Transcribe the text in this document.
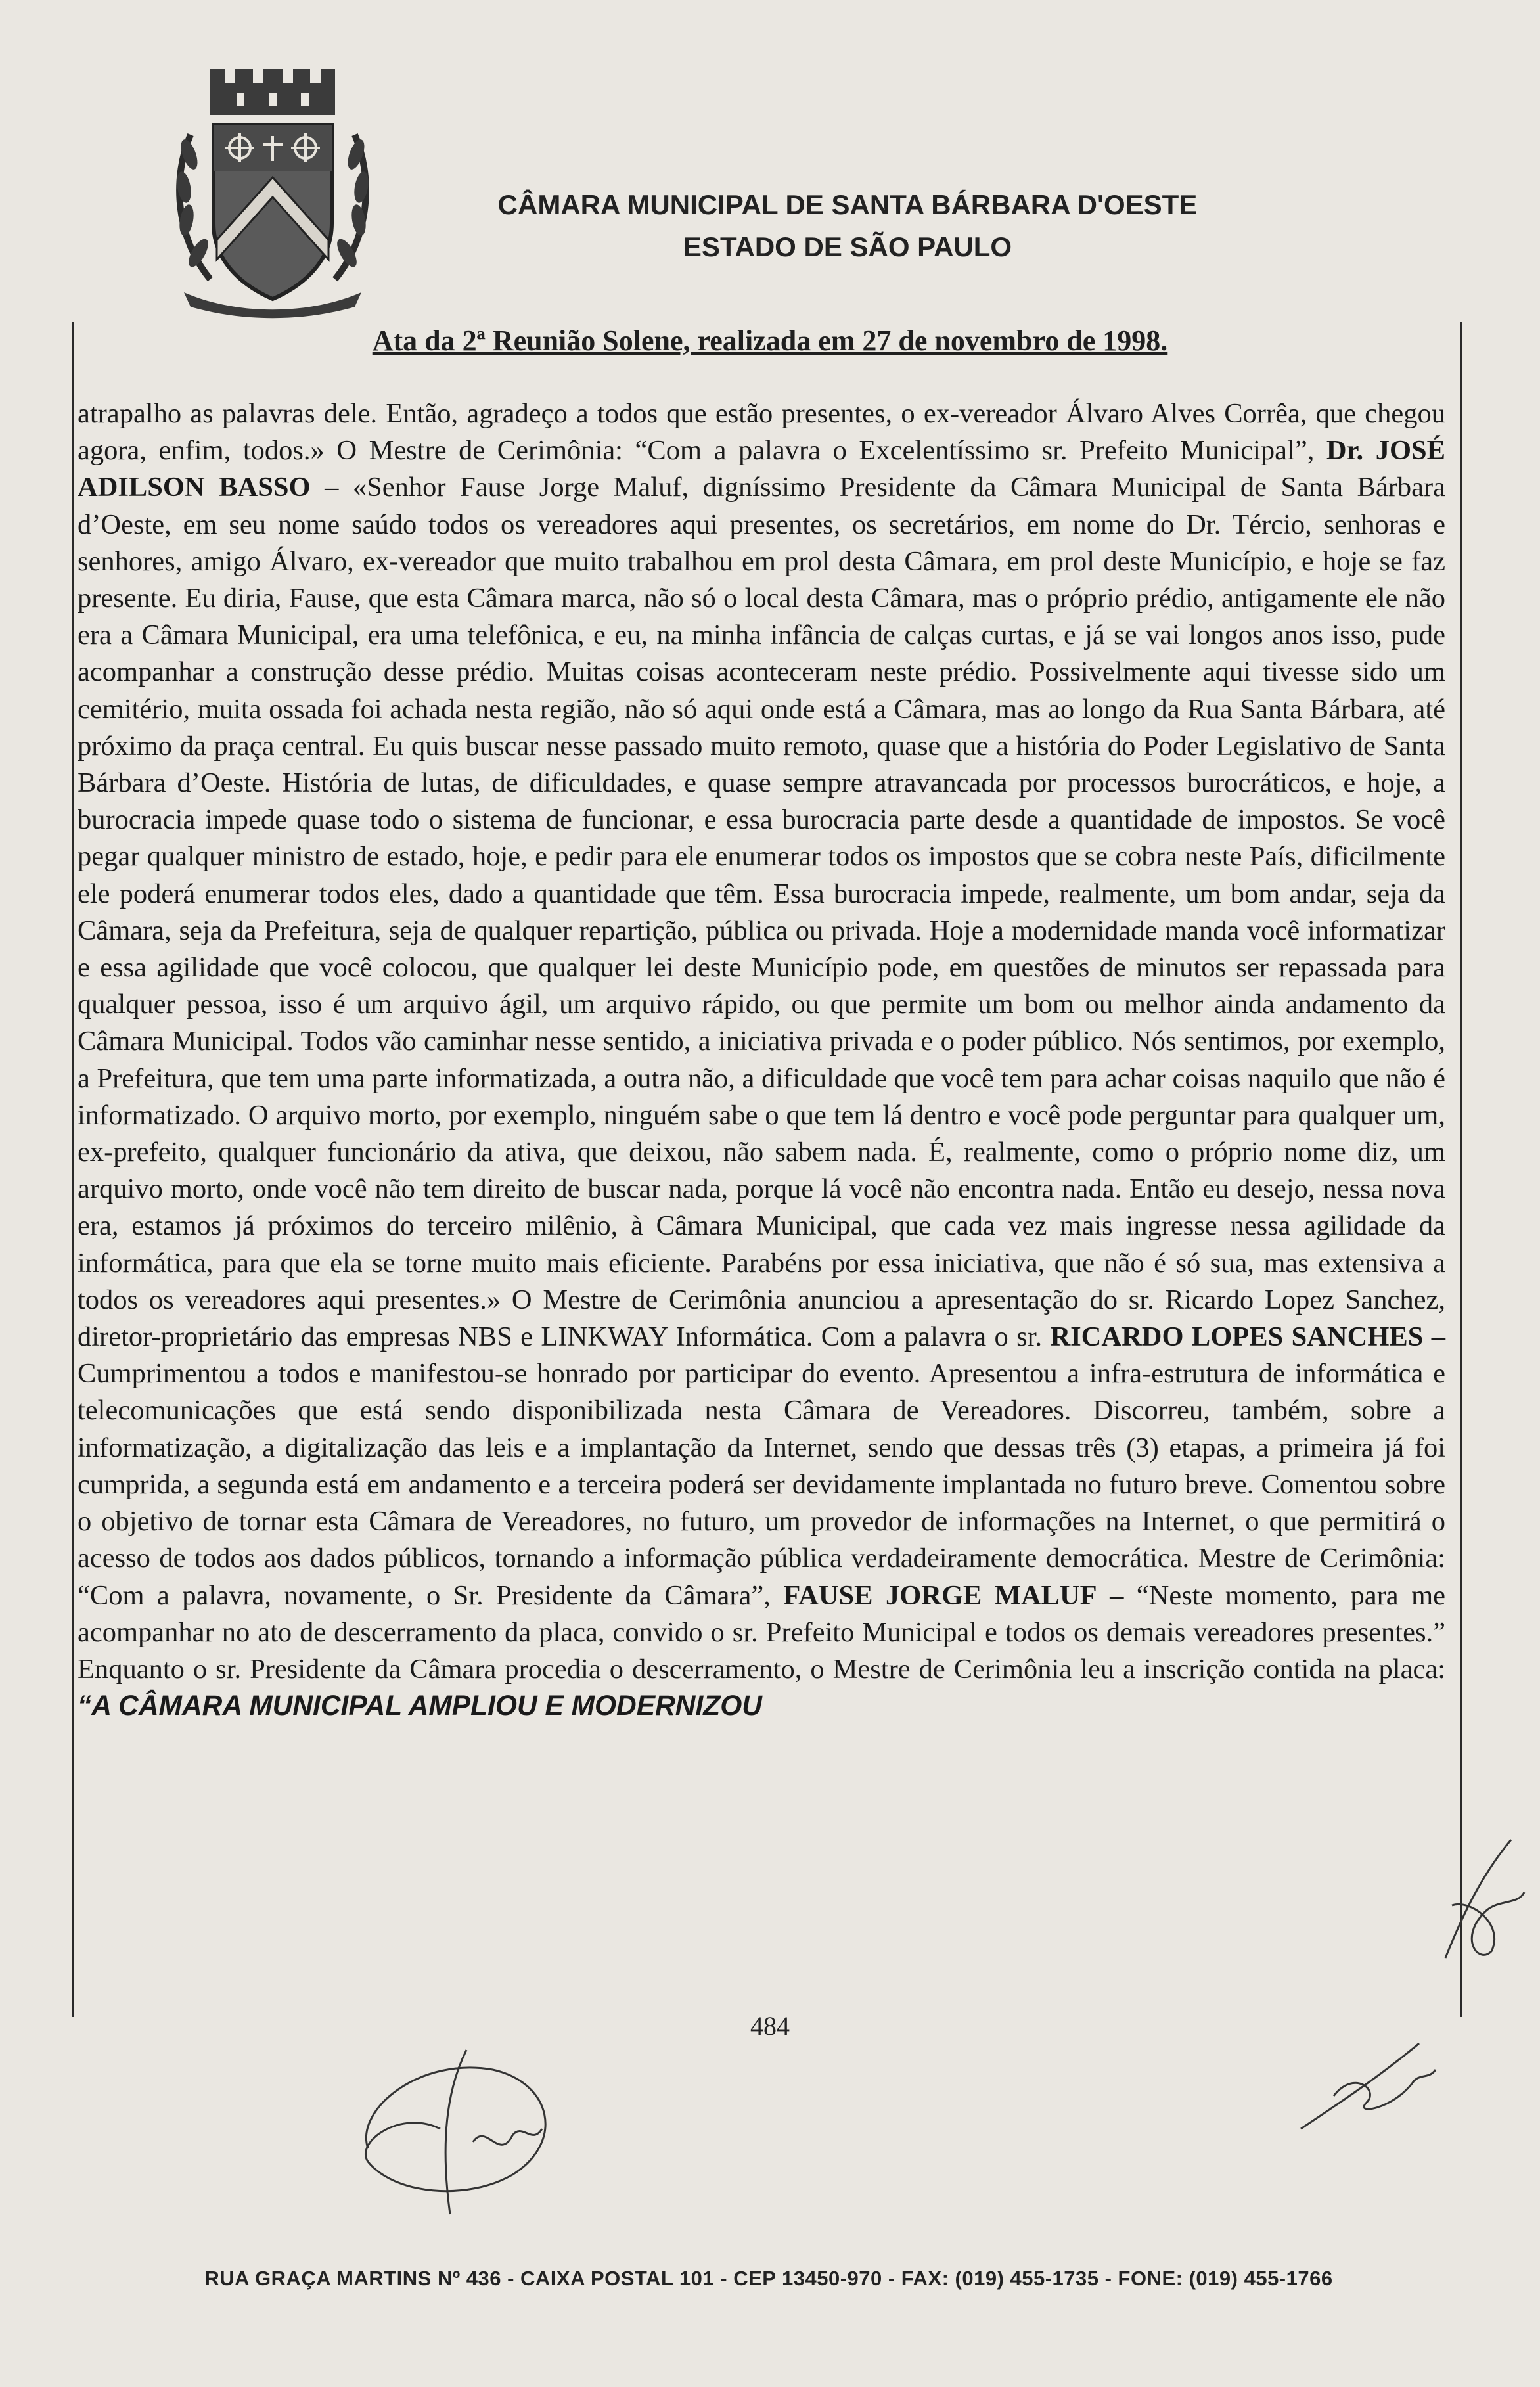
CÂMARA MUNICIPAL DE SANTA BÁRBARA D'OESTE
ESTADO DE SÃO PAULO
Ata da 2ª Reunião Solene, realizada em 27 de novembro de 1998.
atrapalho as palavras dele. Então, agradeço a todos que estão presentes, o ex-vereador Álvaro Alves Corrêa, que chegou agora, enfim, todos.» O Mestre de Cerimônia: “Com a palavra o Excelentíssimo sr. Prefeito Municipal”, Dr. JOSÉ ADILSON BASSO – «Senhor Fause Jorge Maluf, digníssimo Presidente da Câmara Municipal de Santa Bárbara d’Oeste, em seu nome saúdo todos os vereadores aqui presentes, os secretários, em nome do Dr. Tércio, senhoras e senhores, amigo Álvaro, ex-vereador que muito trabalhou em prol desta Câmara, em prol deste Município, e hoje se faz presente. Eu diria, Fause, que esta Câmara marca, não só o local desta Câmara, mas o próprio prédio, antigamente ele não era a Câmara Municipal, era uma telefônica, e eu, na minha infância de calças curtas, e já se vai longos anos isso, pude acompanhar a construção desse prédio. Muitas coisas aconteceram neste prédio. Possivelmente aqui tivesse sido um cemitério, muita ossada foi achada nesta região, não só aqui onde está a Câmara, mas ao longo da Rua Santa Bárbara, até próximo da praça central. Eu quis buscar nesse passado muito remoto, quase que a história do Poder Legislativo de Santa Bárbara d’Oeste. História de lutas, de dificuldades, e quase sempre atravancada por processos burocráticos, e hoje, a burocracia impede quase todo o sistema de funcionar, e essa burocracia parte desde a quantidade de impostos. Se você pegar qualquer ministro de estado, hoje, e pedir para ele enumerar todos os impostos que se cobra neste País, dificilmente ele poderá enumerar todos eles, dado a quantidade que têm. Essa burocracia impede, realmente, um bom andar, seja da Câmara, seja da Prefeitura, seja de qualquer repartição, pública ou privada. Hoje a modernidade manda você informatizar e essa agilidade que você colocou, que qualquer lei deste Município pode, em questões de minutos ser repassada para qualquer pessoa, isso é um arquivo ágil, um arquivo rápido, ou que permite um bom ou melhor ainda andamento da Câmara Municipal. Todos vão caminhar nesse sentido, a iniciativa privada e o poder público. Nós sentimos, por exemplo, a Prefeitura, que tem uma parte informatizada, a outra não, a dificuldade que você tem para achar coisas naquilo que não é informatizado. O arquivo morto, por exemplo, ninguém sabe o que tem lá dentro e você pode perguntar para qualquer um, ex-prefeito, qualquer funcionário da ativa, que deixou, não sabem nada. É, realmente, como o próprio nome diz, um arquivo morto, onde você não tem direito de buscar nada, porque lá você não encontra nada. Então eu desejo, nessa nova era, estamos já próximos do terceiro milênio, à Câmara Municipal, que cada vez mais ingresse nessa agilidade da informática, para que ela se torne muito mais eficiente. Parabéns por essa iniciativa, que não é só sua, mas extensiva a todos os vereadores aqui presentes.» O Mestre de Cerimônia anunciou a apresentação do sr. Ricardo Lopez Sanchez, diretor-proprietário das empresas NBS e LINKWAY Informática. Com a palavra o sr. RICARDO LOPES SANCHES – Cumprimentou a todos e manifestou-se honrado por participar do evento. Apresentou a infra-estrutura de informática e telecomunicações que está sendo disponibilizada nesta Câmara de Vereadores. Discorreu, também, sobre a informatização, a digitalização das leis e a implantação da Internet, sendo que dessas três (3) etapas, a primeira já foi cumprida, a segunda está em andamento e a terceira poderá ser devidamente implantada no futuro breve. Comentou sobre o objetivo de tornar esta Câmara de Vereadores, no futuro, um provedor de informações na Internet, o que permitirá o acesso de todos aos dados públicos, tornando a informação pública verdadeiramente democrática. Mestre de Cerimônia: “Com a palavra, novamente, o Sr. Presidente da Câmara”, FAUSE JORGE MALUF – “Neste momento, para me acompanhar no ato de descerramento da placa, convido o sr. Prefeito Municipal e todos os demais vereadores presentes.” Enquanto o sr. Presidente da Câmara procedia o descerramento, o Mestre de Cerimônia leu a inscrição contida na placa: “A CÂMARA MUNICIPAL AMPLIOU E MODERNIZOU
484
RUA GRAÇA MARTINS Nº 436 - CAIXA POSTAL 101 - CEP 13450-970 - FAX: (019) 455-1735 - FONE: (019) 455-1766
